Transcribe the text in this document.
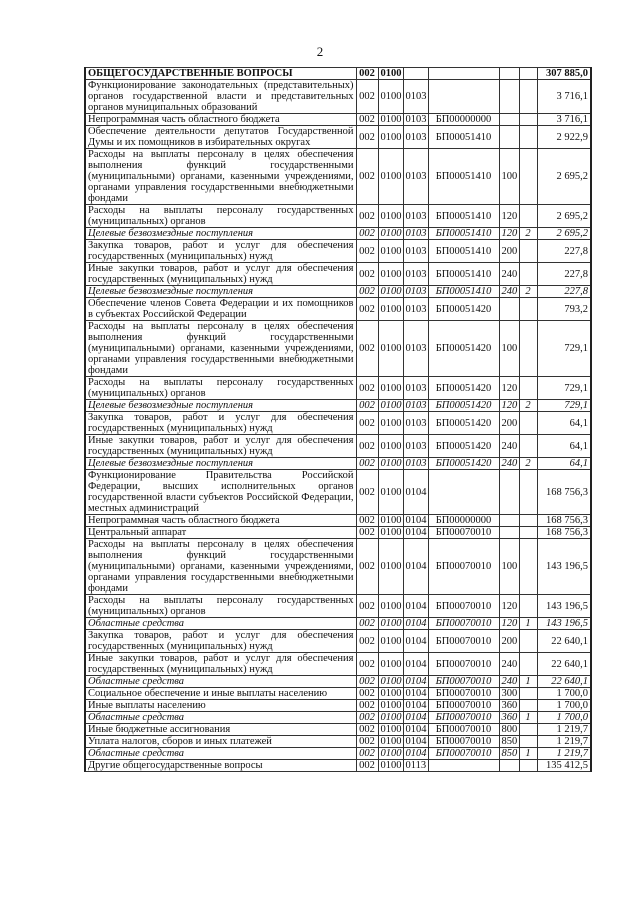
2
ОБЩЕГОСУДАРСТВЕННЫЕ ВОПРОСЫ	002	0100					307 885,0
Функционирование законодательных (представительных) органов государственной власти и представительных органов муниципальных образований	002	0100	0103				3 716,1
Непрограммная часть областного бюджета	002	0100	0103	БП00000000			3 716,1
Обеспечение деятельности депутатов Государственной Думы и их помощников в избирательных округах	002	0100	0103	БП00051410			2 922,9
Расходы на выплаты персоналу в целях обеспечения выполнения функций государственными (муниципальными) органами, казенными учреждениями, органами управления государственными внебюджетными фондами	002	0100	0103	БП00051410	100		2 695,2
Расходы на выплаты персоналу государственных (муниципальных) органов	002	0100	0103	БП00051410	120		2 695,2
Целевые безвозмездные поступления	002	0100	0103	БП00051410	120	2	2 695,2
Закупка товаров, работ и услуг для обеспечения государственных (муниципальных) нужд	002	0100	0103	БП00051410	200		227,8
Иные закупки товаров, работ и услуг для обеспечения государственных (муниципальных) нужд	002	0100	0103	БП00051410	240		227,8
Целевые безвозмездные поступления	002	0100	0103	БП00051410	240	2	227,8
Обеспечение членов Совета Федерации и их помощников в субъектах Российской Федерации	002	0100	0103	БП00051420			793,2
Расходы на выплаты персоналу в целях обеспечения выполнения функций государственными (муниципальными) органами, казенными учреждениями, органами управления государственными внебюджетными фондами	002	0100	0103	БП00051420	100		729,1
Расходы на выплаты персоналу государственных (муниципальных) органов	002	0100	0103	БП00051420	120		729,1
Целевые безвозмездные поступления	002	0100	0103	БП00051420	120	2	729,1
Закупка товаров, работ и услуг для обеспечения государственных (муниципальных) нужд	002	0100	0103	БП00051420	200		64,1
Иные закупки товаров, работ и услуг для обеспечения государственных (муниципальных) нужд	002	0100	0103	БП00051420	240		64,1
Целевые безвозмездные поступления	002	0100	0103	БП00051420	240	2	64,1
Функционирование Правительства Российской Федерации, высших исполнительных органов государственной власти субъектов Российской Федерации, местных администраций	002	0100	0104				168 756,3
Непрограммная часть областного бюджета	002	0100	0104	БП00000000			168 756,3
Центральный аппарат	002	0100	0104	БП00070010			168 756,3
Расходы на выплаты персоналу в целях обеспечения выполнения функций государственными (муниципальными) органами, казенными учреждениями, органами управления государственными внебюджетными фондами	002	0100	0104	БП00070010	100		143 196,5
Расходы на выплаты персоналу государственных (муниципальных) органов	002	0100	0104	БП00070010	120		143 196,5
Областные средства	002	0100	0104	БП00070010	120	1	143 196,5
Закупка товаров, работ и услуг для обеспечения государственных (муниципальных) нужд	002	0100	0104	БП00070010	200		22 640,1
Иные закупки товаров, работ и услуг для обеспечения государственных (муниципальных) нужд	002	0100	0104	БП00070010	240		22 640,1
Областные средства	002	0100	0104	БП00070010	240	1	22 640,1
Социальное обеспечение и иные выплаты населению	002	0100	0104	БП00070010	300		1 700,0
Иные выплаты населению	002	0100	0104	БП00070010	360		1 700,0
Областные средства	002	0100	0104	БП00070010	360	1	1 700,0
Иные бюджетные ассигнования	002	0100	0104	БП00070010	800		1 219,7
Уплата налогов, сборов и иных платежей	002	0100	0104	БП00070010	850		1 219,7
Областные средства	002	0100	0104	БП00070010	850	1	1 219,7
Другие общегосударственные вопросы	002	0100	0113				135 412,5
